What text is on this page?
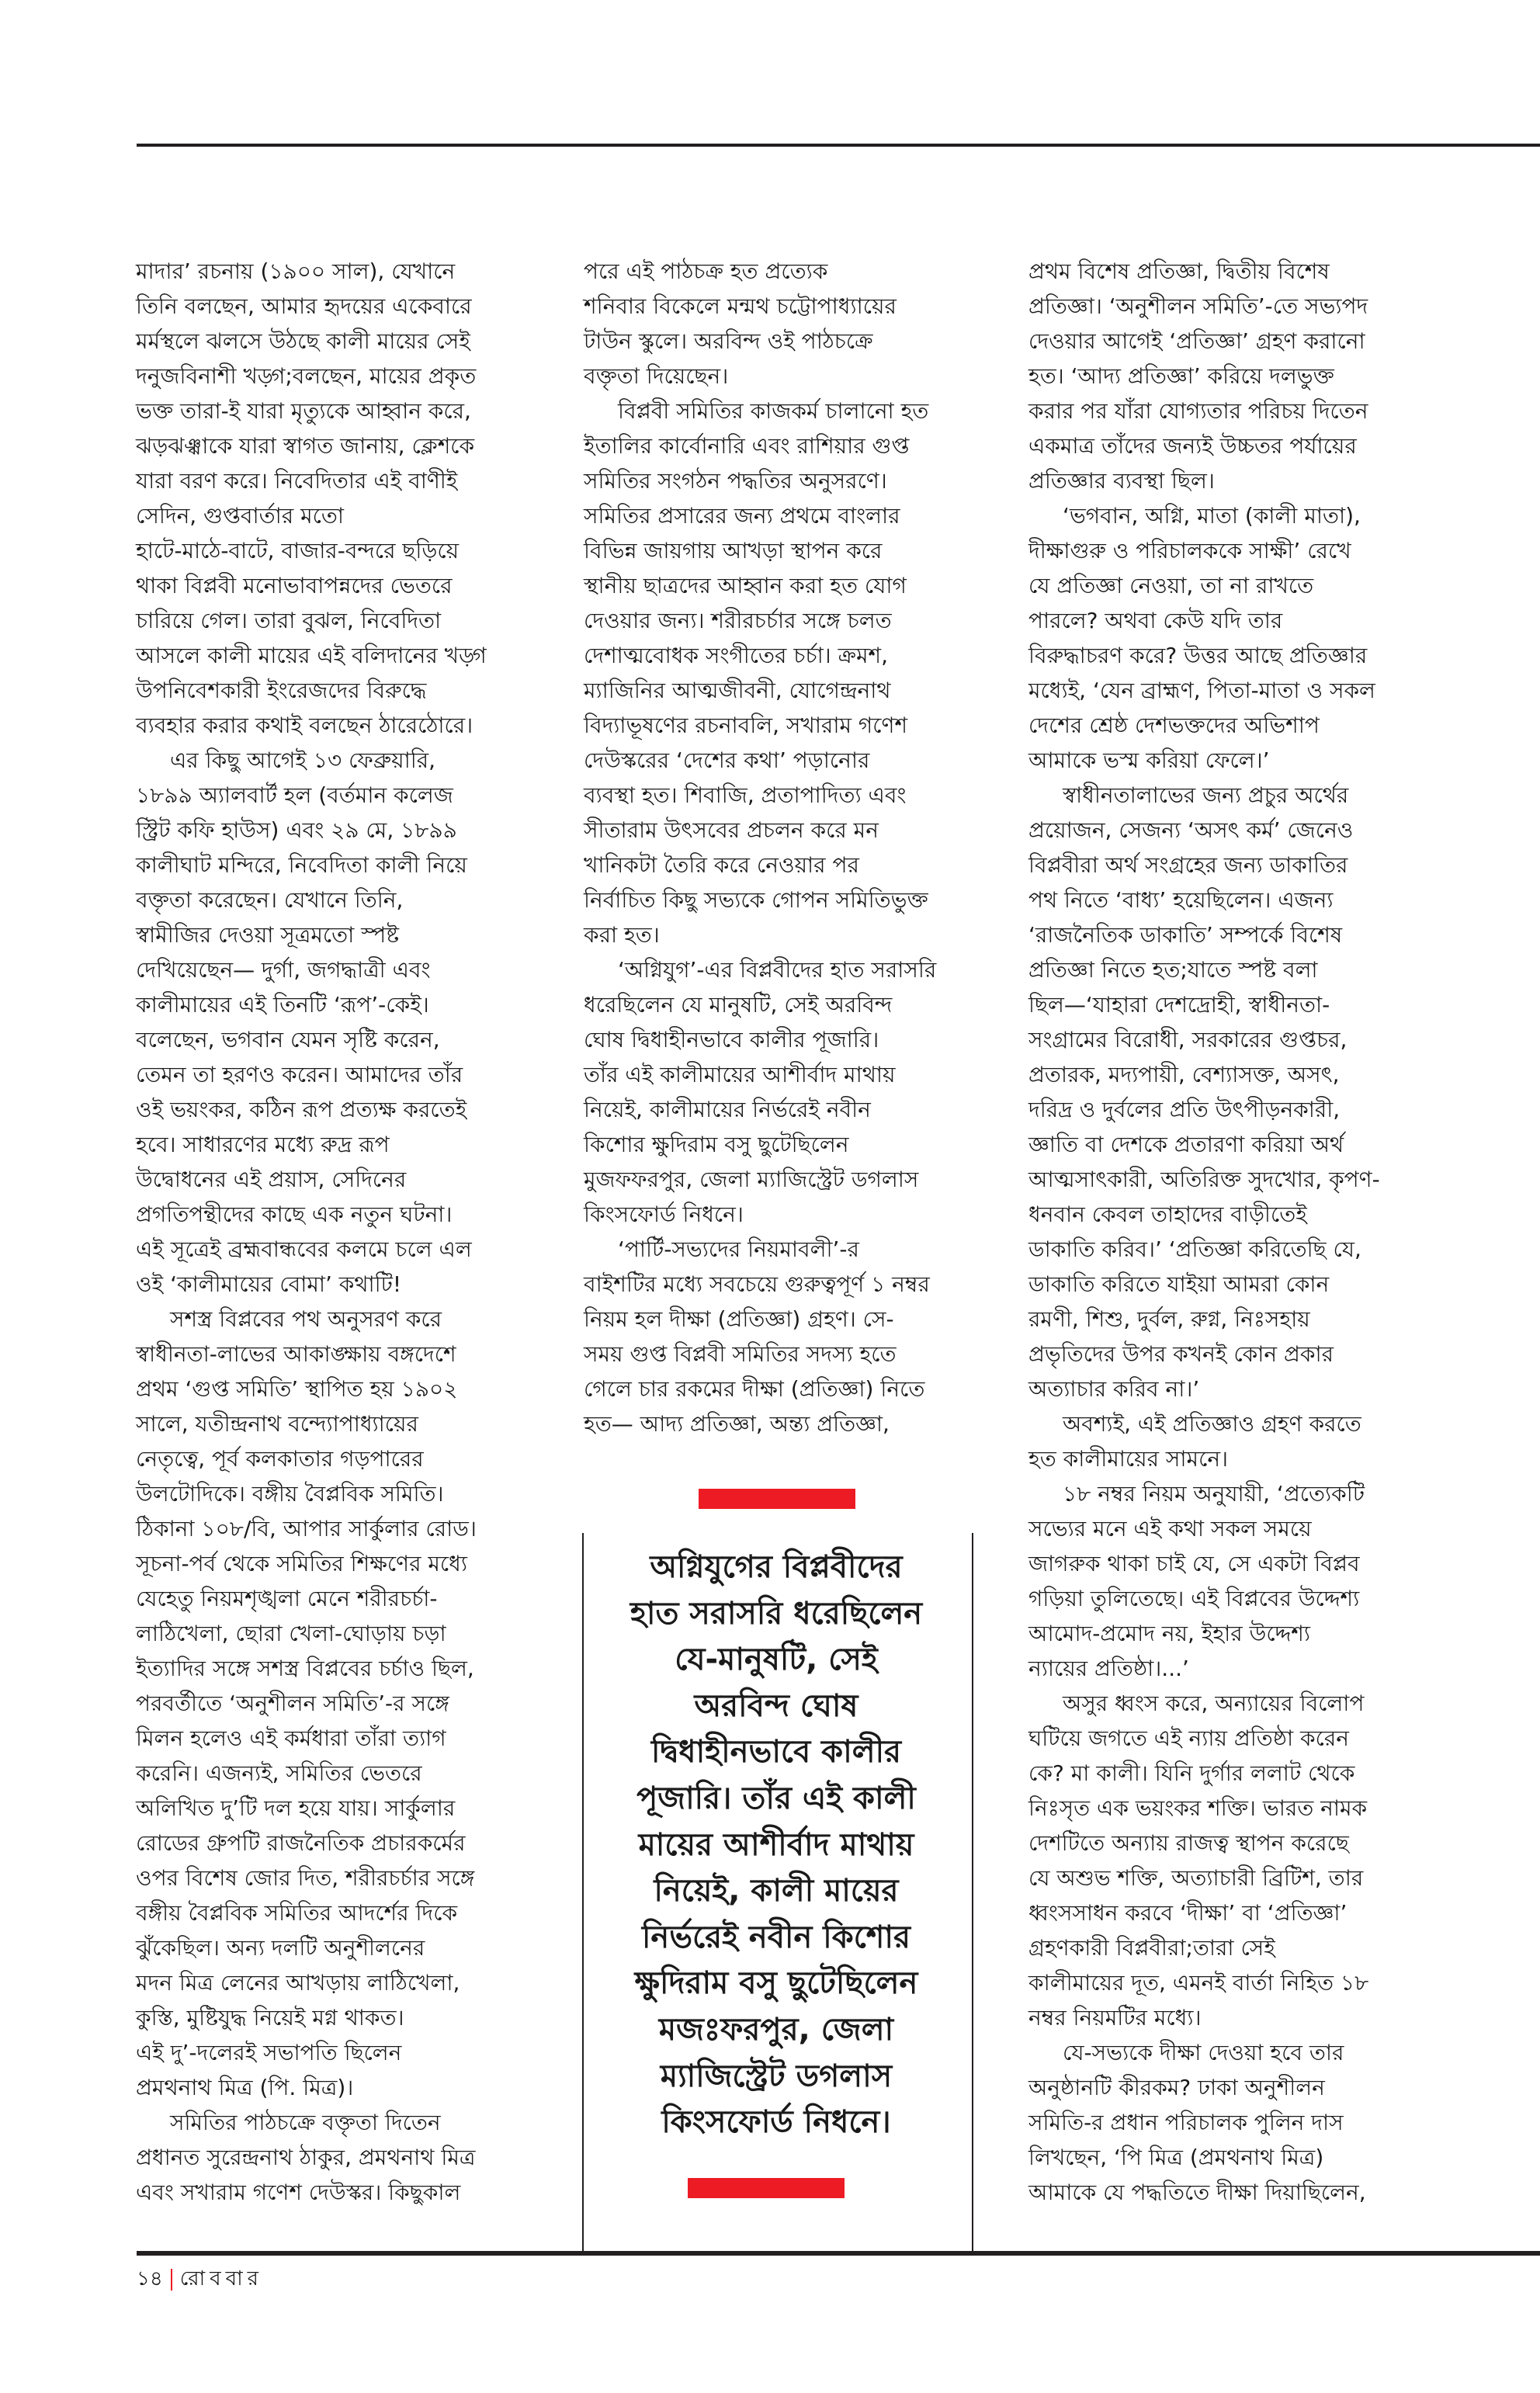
মাদার’ রচনায় (১৯০০ সাল), যেখানে
তিনি বলছেন, আমার হৃদয়ের একেবারে
মর্মস্থলে ঝলসে উঠছে কালী মায়ের সেই
দনুজবিনাশী খড়্গ;বলছেন, মায়ের প্রকৃত
ভক্ত তারা-ই যারা মৃত্যুকে আহ্বান করে,
ঝড়ঝঞ্ঝাকে যারা স্বাগত জানায়, ক্লেশকে
যারা বরণ করে। নিবেদিতার এই বাণীই
সেদিন, গুপ্তবার্তার মতো
হাটে-মাঠে-বাটে, বাজার-বন্দরে ছড়িয়ে
থাকা বিপ্লবী মনোভাবাপন্নদের ভেতরে
চারিয়ে গেল। তারা বুঝল, নিবেদিতা
আসলে কালী মায়ের এই বলিদানের খড়্গ
উপনিবেশকারী ইংরেজদের বিরুদ্ধে
ব্যবহার করার কথাই বলছেন ঠারেঠোরে।
এর কিছু আগেই ১৩ ফেব্রুয়ারি,
১৮৯৯ অ্যালবার্ট হল (বর্তমান কলেজ
স্ট্রিট কফি হাউস) এবং ২৯ মে, ১৮৯৯
কালীঘাট মন্দিরে, নিবেদিতা কালী নিয়ে
বক্তৃতা করেছেন। যেখানে তিনি,
স্বামীজির দেওয়া সূত্রমতো স্পষ্ট
দেখিয়েছেন— দুর্গা, জগদ্ধাত্রী এবং
কালীমায়ের এই তিনটি ‘রূপ’-কেই।
বলেছেন, ভগবান যেমন সৃষ্টি করেন,
তেমন তা হরণও করেন। আমাদের তাঁর
ওই ভয়ংকর, কঠিন রূপ প্রত্যক্ষ করতেই
হবে। সাধারণের মধ্যে রুদ্র রূপ
উদ্বোধনের এই প্রয়াস, সেদিনের
প্রগতিপন্থীদের কাছে এক নতুন ঘটনা।
এই সূত্রেই ব্রহ্মবান্ধবের কলমে চলে এল
ওই ‘কালীমায়ের বোমা’ কথাটি!
সশস্ত্র বিপ্লবের পথ অনুসরণ করে
স্বাধীনতা-লাভের আকাঙ্ক্ষায় বঙ্গদেশে
প্রথম ‘গুপ্ত সমিতি’ স্থাপিত হয় ১৯০২
সালে, যতীন্দ্রনাথ বন্দ্যোপাধ্যায়ের
নেতৃত্বে, পূর্ব কলকাতার গড়পারের
উলটোদিকে। বঙ্গীয় বৈপ্লবিক সমিতি।
ঠিকানা ১০৮/বি, আপার সার্কুলার রোড।
সূচনা-পর্ব থেকে সমিতির শিক্ষণের মধ্যে
যেহেতু নিয়মশৃঙ্খলা মেনে শরীরচর্চা-
লাঠিখেলা, ছোরা খেলা-ঘোড়ায় চড়া
ইত্যাদির সঙ্গে সশস্ত্র বিপ্লবের চর্চাও ছিল,
পরবর্তীতে ‘অনুশীলন সমিতি’-র সঙ্গে
মিলন হলেও এই কর্মধারা তাঁরা ত্যাগ
করেনি। এজন্যই, সমিতির ভেতরে
অলিখিত দু’টি দল হয়ে যায়। সার্কুলার
রোডের গ্রুপটি রাজনৈতিক প্রচারকর্মের
ওপর বিশেষ জোর দিত, শরীরচর্চার সঙ্গে
বঙ্গীয় বৈপ্লবিক সমিতির আদর্শের দিকে
ঝুঁকেছিল। অন্য দলটি অনুশীলনের
মদন মিত্র লেনের আখড়ায় লাঠিখেলা,
কুস্তি, মুষ্টিযুদ্ধ নিয়েই মগ্ন থাকত।
এই দু’-দলেরই সভাপতি ছিলেন
প্রমথনাথ মিত্র (পি. মিত্র)।
সমিতির পাঠচক্রে বক্তৃতা দিতেন
প্রধানত সুরেন্দ্রনাথ ঠাকুর, প্রমথনাথ মিত্র
এবং সখারাম গণেশ দেউস্কর। কিছুকাল
পরে এই পাঠচক্র হত প্রত্যেক
শনিবার বিকেলে মন্মথ চট্টোপাধ্যায়ের
টাউন স্কুলে। অরবিন্দ ওই পাঠচক্রে
বক্তৃতা দিয়েছেন।
বিপ্লবী সমিতির কাজকর্ম চালানো হত
ইতালির কার্বোনারি এবং রাশিয়ার গুপ্ত
সমিতির সংগঠন পদ্ধতির অনুসরণে।
সমিতির প্রসারের জন্য প্রথমে বাংলার
বিভিন্ন জায়গায় আখড়া স্থাপন করে
স্থানীয় ছাত্রদের আহ্বান করা হত যোগ
দেওয়ার জন্য। শরীরচর্চার সঙ্গে চলত
দেশাত্মবোধক সংগীতের চর্চা। ক্রমশ,
ম্যাজিনির আত্মজীবনী, যোগেন্দ্রনাথ
বিদ্যাভূষণের রচনাবলি, সখারাম গণেশ
দেউস্করের ‘দেশের কথা’ পড়ানোর
ব্যবস্থা হত। শিবাজি, প্রতাপাদিত্য এবং
সীতারাম উৎসবের প্রচলন করে মন
খানিকটা তৈরি করে নেওয়ার পর
নির্বাচিত কিছু সভ্যকে গোপন সমিতিভুক্ত
করা হত।
‘অগ্নিযুগ’-এর বিপ্লবীদের হাত সরাসরি
ধরেছিলেন যে মানুষটি, সেই অরবিন্দ
ঘোষ দ্বিধাহীনভাবে কালীর পূজারি।
তাঁর এই কালীমায়ের আশীর্বাদ মাথায়
নিয়েই, কালীমায়ের নির্ভরেই নবীন
কিশোর ক্ষুদিরাম বসু ছুটেছিলেন
মুজফফরপুর, জেলা ম্যাজিস্ট্রেট ডগলাস
কিংসফোর্ড নিধনে।
‘পার্টি-সভ্যদের নিয়মাবলী’-র
বাইশটির মধ্যে সবচেয়ে গুরুত্বপূর্ণ ১ নম্বর
নিয়ম হল দীক্ষা (প্রতিজ্ঞা) গ্রহণ। সে-
সময় গুপ্ত বিপ্লবী সমিতির সদস্য হতে
গেলে চার রকমের দীক্ষা (প্রতিজ্ঞা) নিতে
হত— আদ্য প্রতিজ্ঞা, অন্ত্য প্রতিজ্ঞা,
প্রথম বিশেষ প্রতিজ্ঞা, দ্বিতীয় বিশেষ
প্রতিজ্ঞা। ‘অনুশীলন সমিতি’-তে সভ্যপদ
দেওয়ার আগেই ‘প্রতিজ্ঞা’ গ্রহণ করানো
হত। ‘আদ্য প্রতিজ্ঞা’ করিয়ে দলভুক্ত
করার পর যাঁরা যোগ্যতার পরিচয় দিতেন
একমাত্র তাঁদের জন্যই উচ্চতর পর্যায়ের
প্রতিজ্ঞার ব্যবস্থা ছিল।
‘ভগবান, অগ্নি, মাতা (কালী মাতা),
দীক্ষাগুরু ও পরিচালককে সাক্ষী’ রেখে
যে প্রতিজ্ঞা নেওয়া, তা না রাখতে
পারলে? অথবা কেউ যদি তার
বিরুদ্ধাচরণ করে? উত্তর আছে প্রতিজ্ঞার
মধ্যেই, ‘যেন ব্রাহ্মণ, পিতা-মাতা ও সকল
দেশের শ্রেষ্ঠ দেশভক্তদের অভিশাপ
আমাকে ভস্ম করিয়া ফেলে।’
স্বাধীনতালাভের জন্য প্রচুর অর্থের
প্রয়োজন, সেজন্য ‘অসৎ কর্ম’ জেনেও
বিপ্লবীরা অর্থ সংগ্রহের জন্য ডাকাতির
পথ নিতে ‘বাধ্য’ হয়েছিলেন। এজন্য
‘রাজনৈতিক ডাকাতি’ সম্পর্কে বিশেষ
প্রতিজ্ঞা নিতে হত;যাতে স্পষ্ট বলা
ছিল—‘যাহারা দেশদ্রোহী, স্বাধীনতা-
সংগ্রামের বিরোধী, সরকারের গুপ্তচর,
প্রতারক, মদ্যপায়ী, বেশ্যাসক্ত, অসৎ,
দরিদ্র ও দুর্বলের প্রতি উৎপীড়নকারী,
জ্ঞাতি বা দেশকে প্রতারণা করিয়া অর্থ
আত্মসাৎকারী, অতিরিক্ত সুদখোর, কৃপণ-
ধনবান কেবল তাহাদের বাড়ীতেই
ডাকাতি করিব।’ ‘প্রতিজ্ঞা করিতেছি যে,
ডাকাতি করিতে যাইয়া আমরা কোন
রমণী, শিশু, দুর্বল, রুগ্ন, নিঃসহায়
প্রভৃতিদের উপর কখনই কোন প্রকার
অত্যাচার করিব না।’
অবশ্যই, এই প্রতিজ্ঞাও গ্রহণ করতে
হত কালীমায়ের সামনে।
১৮ নম্বর নিয়ম অনুযায়ী, ‘প্রত্যেকটি
সভ্যের মনে এই কথা সকল সময়ে
জাগরুক থাকা চাই যে, সে একটা বিপ্লব
গড়িয়া তুলিতেছে। এই বিপ্লবের উদ্দেশ্য
আমোদ-প্রমোদ নয়, ইহার উদ্দেশ্য
ন্যায়ের প্রতিষ্ঠা।...’
অসুর ধ্বংস করে, অন্যায়ের বিলোপ
ঘটিয়ে জগতে এই ন্যায় প্রতিষ্ঠা করেন
কে? মা কালী। যিনি দুর্গার ললাট থেকে
নিঃসৃত এক ভয়ংকর শক্তি। ভারত নামক
দেশটিতে অন্যায় রাজত্ব স্থাপন করেছে
যে অশুভ শক্তি, অত্যাচারী ব্রিটিশ, তার
ধ্বংসসাধন করবে ‘দীক্ষা’ বা ‘প্রতিজ্ঞা’
গ্রহণকারী বিপ্লবীরা;তারা সেই
কালীমায়ের দূত, এমনই বার্তা নিহিত ১৮
নম্বর নিয়মটির মধ্যে।
যে-সভ্যকে দীক্ষা দেওয়া হবে তার
অনুষ্ঠানটি কীরকম? ঢাকা অনুশীলন
সমিতি-র প্রধান পরিচালক পুলিন দাস
লিখছেন, ‘পি মিত্র (প্রমথনাথ মিত্র)
আমাকে যে পদ্ধতিতে দীক্ষা দিয়াছিলেন,
অগ্নিযুগের বিপ্লবীদের
হাত সরাসরি ধরেছিলেন
যে-মানুষটি, সেই
অরবিন্দ ঘোষ
দ্বিধাহীনভাবে কালীর
পূজারি। তাঁর এই কালী
মায়ের আশীর্বাদ মাথায়
নিয়েই, কালী মায়ের
নির্ভরেই নবীন কিশোর
ক্ষুদিরাম বসু ছুটেছিলেন
মজঃফরপুর, জেলা
ম্যাজিস্ট্রেট ডগলাস
কিংসফোর্ড নিধনে।
১৪ রোববার
